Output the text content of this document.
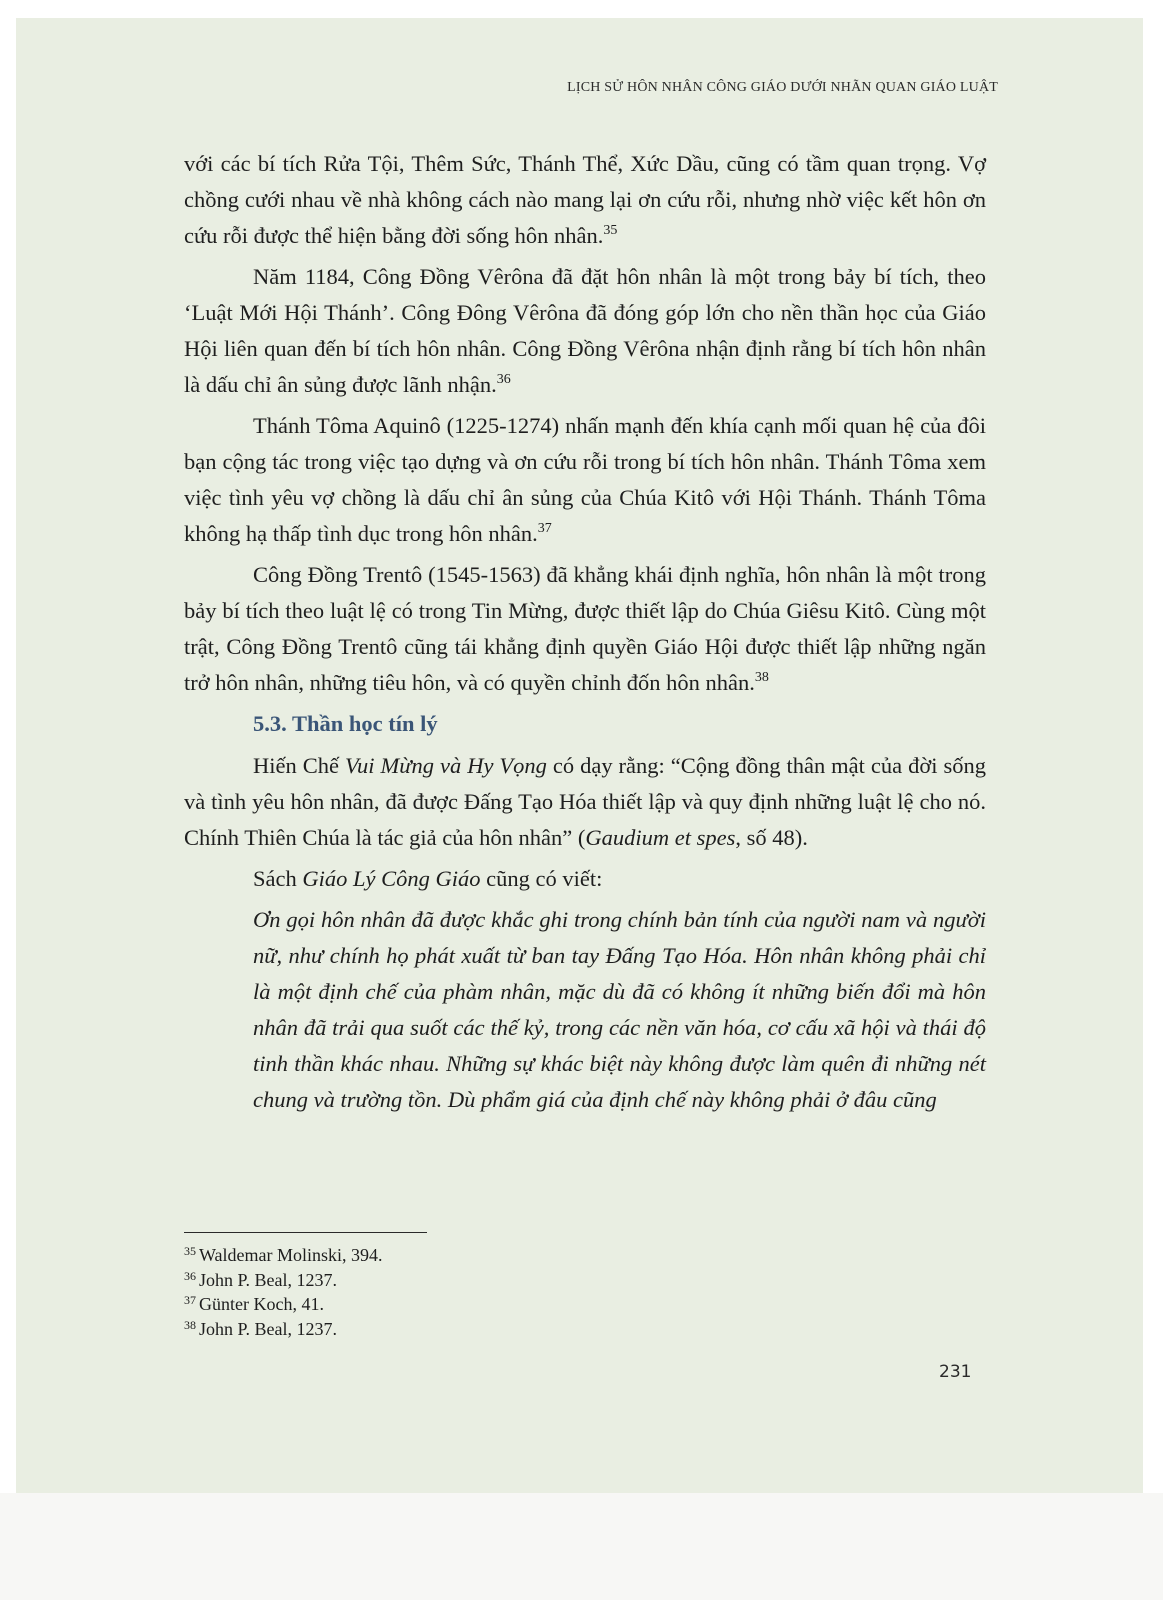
LỊCH SỬ HÔN NHÂN CÔNG GIÁO DƯỚI NHÃN QUAN GIÁO LUẬT

với các bí tích Rửa Tội, Thêm Sức, Thánh Thể, Xức Dầu, cũng có tầm quan trọng. Vợ chồng cưới nhau về nhà không cách nào mang lại ơn cứu rỗi, nhưng nhờ việc kết hôn ơn cứu rỗi được thể hiện bằng đời sống hôn nhân.$^{35}$

Năm 1184, Công Đồng Vêrôna đã đặt hôn nhân là một trong bảy bí tích, theo ‘Luật Mới Hội Thánh’. Công Đông Vêrôna đã đóng góp lớn cho nền thần học của Giáo Hội liên quan đến bí tích hôn nhân. Công Đồng Vêrôna nhận định rằng bí tích hôn nhân là dấu chỉ ân sủng được lãnh nhận.$^{36}$

Thánh Tôma Aquinô (1225-1274) nhấn mạnh đến khía cạnh mối quan hệ của đôi bạn cộng tác trong việc tạo dựng và ơn cứu rỗi trong bí tích hôn nhân. Thánh Tôma xem việc tình yêu vợ chồng là dấu chỉ ân sủng của Chúa Kitô với Hội Thánh. Thánh Tôma không hạ thấp tình dục trong hôn nhân.$^{37}$

Công Đồng Trentô (1545-1563) đã khẳng khái định nghĩa, hôn nhân là một trong bảy bí tích theo luật lệ có trong Tin Mừng, được thiết lập do Chúa Giêsu Kitô. Cùng một trật, Công Đồng Trentô cũng tái khẳng định quyền Giáo Hội được thiết lập những ngăn trở hôn nhân, những tiêu hôn, và có quyền chỉnh đốn hôn nhân.$^{38}$

5.3. Thần học tín lý

Hiến Chế Vui Mừng và Hy Vọng có dạy rằng: “Cộng đồng thân mật của đời sống và tình yêu hôn nhân, đã được Đấng Tạo Hóa thiết lập và quy định những luật lệ cho nó. Chính Thiên Chúa là tác giả của hôn nhân” (Gaudium et spes, số 48).

Sách Giáo Lý Công Giáo cũng có viết:

Ơn gọi hôn nhân đã được khắc ghi trong chính bản tính của người nam và người nữ, như chính họ phát xuất từ ban tay Đấng Tạo Hóa. Hôn nhân không phải chỉ là một định chế của phàm nhân, mặc dù đã có không ít những biến đổi mà hôn nhân đã trải qua suốt các thế kỷ, trong các nền văn hóa, cơ cấu xã hội và thái độ tinh thần khác nhau. Những sự khác biệt này không được làm quên đi những nét chung và trường tồn. Dù phẩm giá của định chế này không phải ở đâu cũng

$^{35}$ Waldemar Molinski, 394.
$^{36}$ John P. Beal, 1237.
$^{37}$ Günter Koch, 41.
$^{38}$ John P. Beal, 1237.
231
